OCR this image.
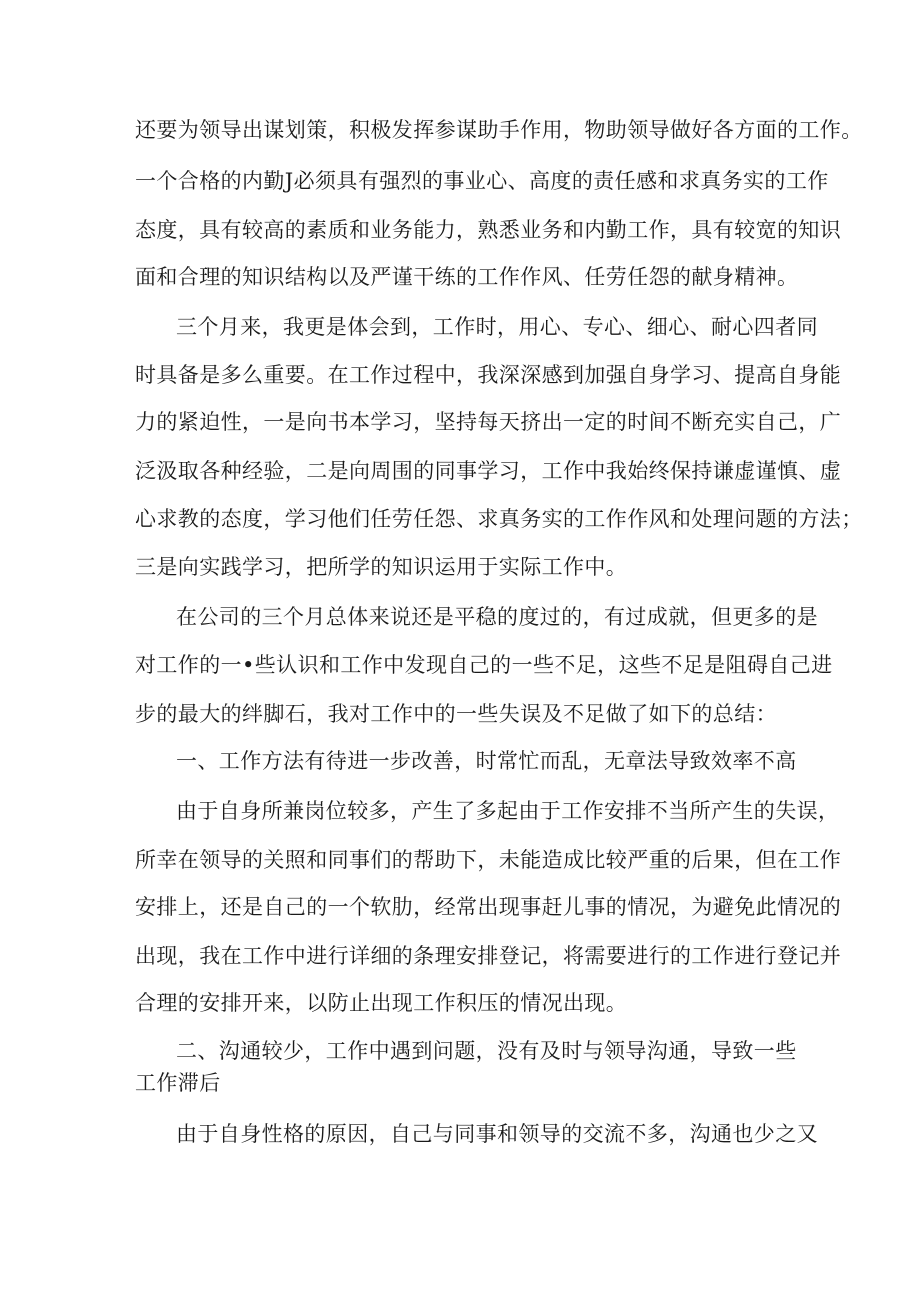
还要为领导出谋划策，积极发挥参谋助手作用，物助领导做好各方面的工作。
一个合格的内勤J必须具有强烈的事业心、高度的责任感和求真务实的工作
态度，具有较高的素质和业务能力，熟悉业务和内勤工作，具有较宽的知识
面和合理的知识结构以及严谨干练的工作作风、任劳任怨的献身精神。
三个月来，我更是体会到，工作时，用心、专心、细心、耐心四者同
时具备是多么重要。在工作过程中，我深深感到加强自身学习、提高自身能
力的紧迫性，一是向书本学习，坚持每天挤出一定的时间不断充实自己，广
泛汲取各种经验，二是向周围的同事学习，工作中我始终保持谦虚谨慎、虚
心求教的态度，学习他们任劳任怨、求真务实的工作作风和处理问题的方法；
三是向实践学习，把所学的知识运用于实际工作中。
在公司的三个月总体来说还是平稳的度过的，有过成就，但更多的是
对工作的一•些认识和工作中发现自己的一些不足，这些不足是阻碍自己进
步的最大的绊脚石，我对工作中的一些失误及不足做了如下的总结：
一、工作方法有待进一步改善，时常忙而乱，无章法导致效率不高
由于自身所兼岗位较多，产生了多起由于工作安排不当所产生的失误，
所幸在领导的关照和同事们的帮助下，未能造成比较严重的后果，但在工作
安排上，还是自己的一个软肋，经常出现事赶儿事的情况，为避免此情况的
出现，我在工作中进行详细的条理安排登记，将需要进行的工作进行登记并
合理的安排开来，以防止出现工作积压的情况出现。
二、沟通较少，工作中遇到问题，没有及时与领导沟通，导致一些
工作滞后
由于自身性格的原因，自己与同事和领导的交流不多，沟通也少之又
